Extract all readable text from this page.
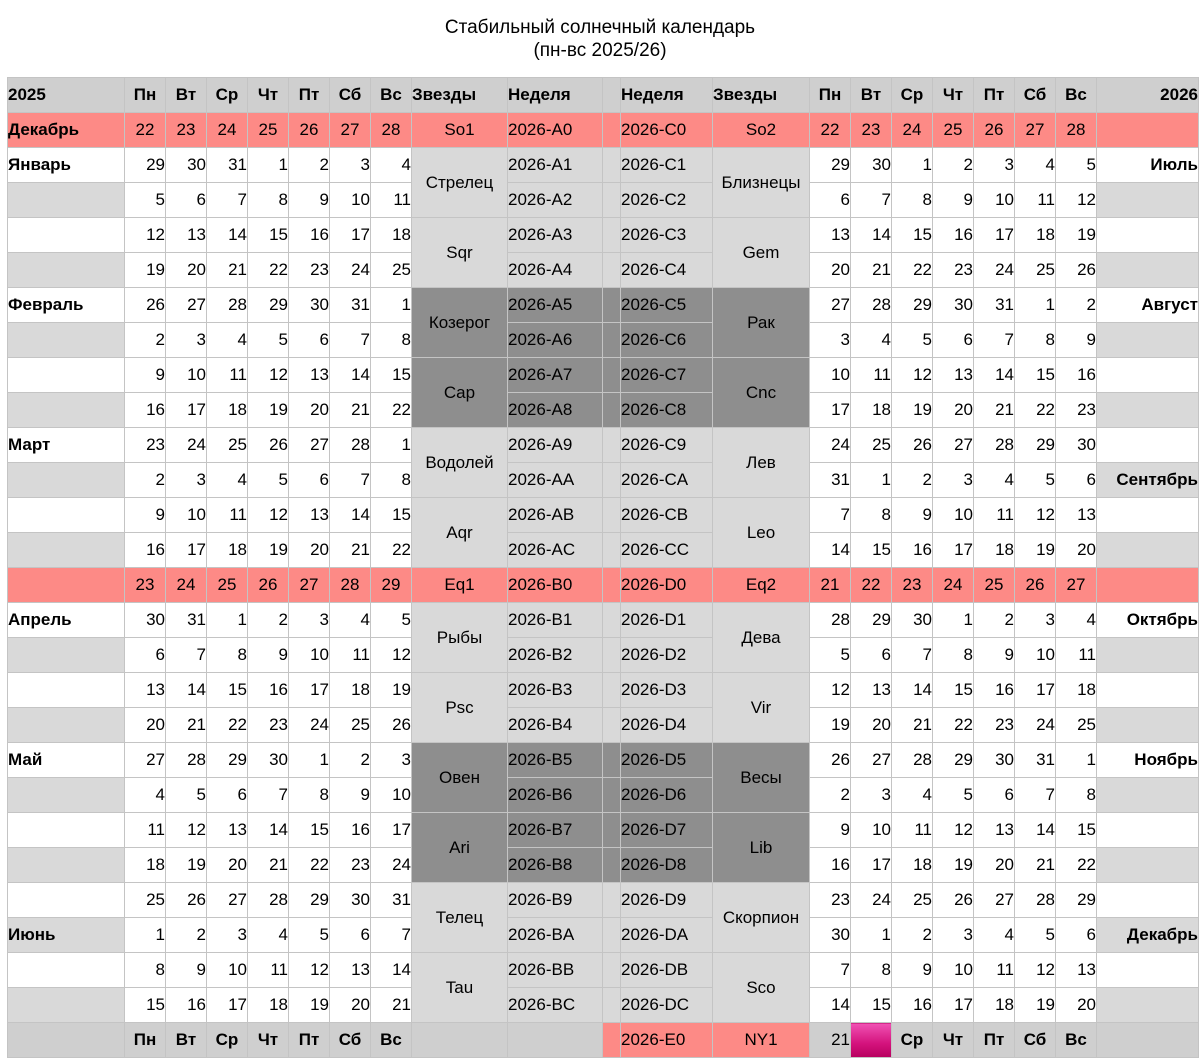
Стабильный солнечный календарь
(пн-вс 2025/26)
2025	Пн	Вт	Ср	Чт	Пт	Сб	Вс	Звезды	Неделя		Неделя	Звезды	Пн	Вт	Ср	Чт	Пт	Сб	Вс	2026
Декабрь	22	23	24	25	26	27	28	So1	2026-A0		2026-C0	So2	22	23	24	25	26	27	28	
Январь	29	30	31	1	2	3	4	Стрелец	2026-A1		2026-C1	Близнецы	29	30	1	2	3	4	5	Июль
	5	6	7	8	9	10	11		2026-A2		2026-C2		6	7	8	9	10	11	12	
	12	13	14	15	16	17	18	Sqr	2026-A3		2026-C3	Gem	13	14	15	16	17	18	19	
	19	20	21	22	23	24	25		2026-A4		2026-C4		20	21	22	23	24	25	26	
Февраль	26	27	28	29	30	31	1	Козерог	2026-A5		2026-C5	Рак	27	28	29	30	31	1	2	Август
	2	3	4	5	6	7	8		2026-A6		2026-C6		3	4	5	6	7	8	9	
	9	10	11	12	13	14	15	Cap	2026-A7		2026-C7	Cnc	10	11	12	13	14	15	16	
	16	17	18	19	20	21	22		2026-A8		2026-C8		17	18	19	20	21	22	23	
Март	23	24	25	26	27	28	1	Водолей	2026-A9		2026-C9	Лев	24	25	26	27	28	29	30	
	2	3	4	5	6	7	8		2026-AA		2026-CA		31	1	2	3	4	5	6	Сентябрь
	9	10	11	12	13	14	15	Aqr	2026-AB		2026-CB	Leo	7	8	9	10	11	12	13	
	16	17	18	19	20	21	22		2026-AC		2026-CC		14	15	16	17	18	19	20	
	23	24	25	26	27	28	29	Eq1	2026-B0		2026-D0	Eq2	21	22	23	24	25	26	27	
Апрель	30	31	1	2	3	4	5	Рыбы	2026-B1		2026-D1	Дева	28	29	30	1	2	3	4	Октябрь
	6	7	8	9	10	11	12		2026-B2		2026-D2		5	6	7	8	9	10	11	
	13	14	15	16	17	18	19	Psc	2026-B3		2026-D3	Vir	12	13	14	15	16	17	18	
	20	21	22	23	24	25	26		2026-B4		2026-D4		19	20	21	22	23	24	25	
Май	27	28	29	30	1	2	3	Овен	2026-B5		2026-D5	Весы	26	27	28	29	30	31	1	Ноябрь
	4	5	6	7	8	9	10		2026-B6		2026-D6		2	3	4	5	6	7	8	
	11	12	13	14	15	16	17	Ari	2026-B7		2026-D7	Lib	9	10	11	12	13	14	15	
	18	19	20	21	22	23	24		2026-B8		2026-D8		16	17	18	19	20	21	22	
	25	26	27	28	29	30	31	Телец	2026-B9		2026-D9	Скорпион	23	24	25	26	27	28	29	
Июнь	1	2	3	4	5	6	7		2026-BA		2026-DA		30	1	2	3	4	5	6	Декабрь
	8	9	10	11	12	13	14	Tau	2026-BB		2026-DB	Sco	7	8	9	10	11	12	13	
	15	16	17	18	19	20	21		2026-BC		2026-DC		14	15	16	17	18	19	20	
	Пн	Вт	Ср	Чт	Пт	Сб	Вс				2026-E0	NY1	21		Ср	Чт	Пт	Сб	Вс	
